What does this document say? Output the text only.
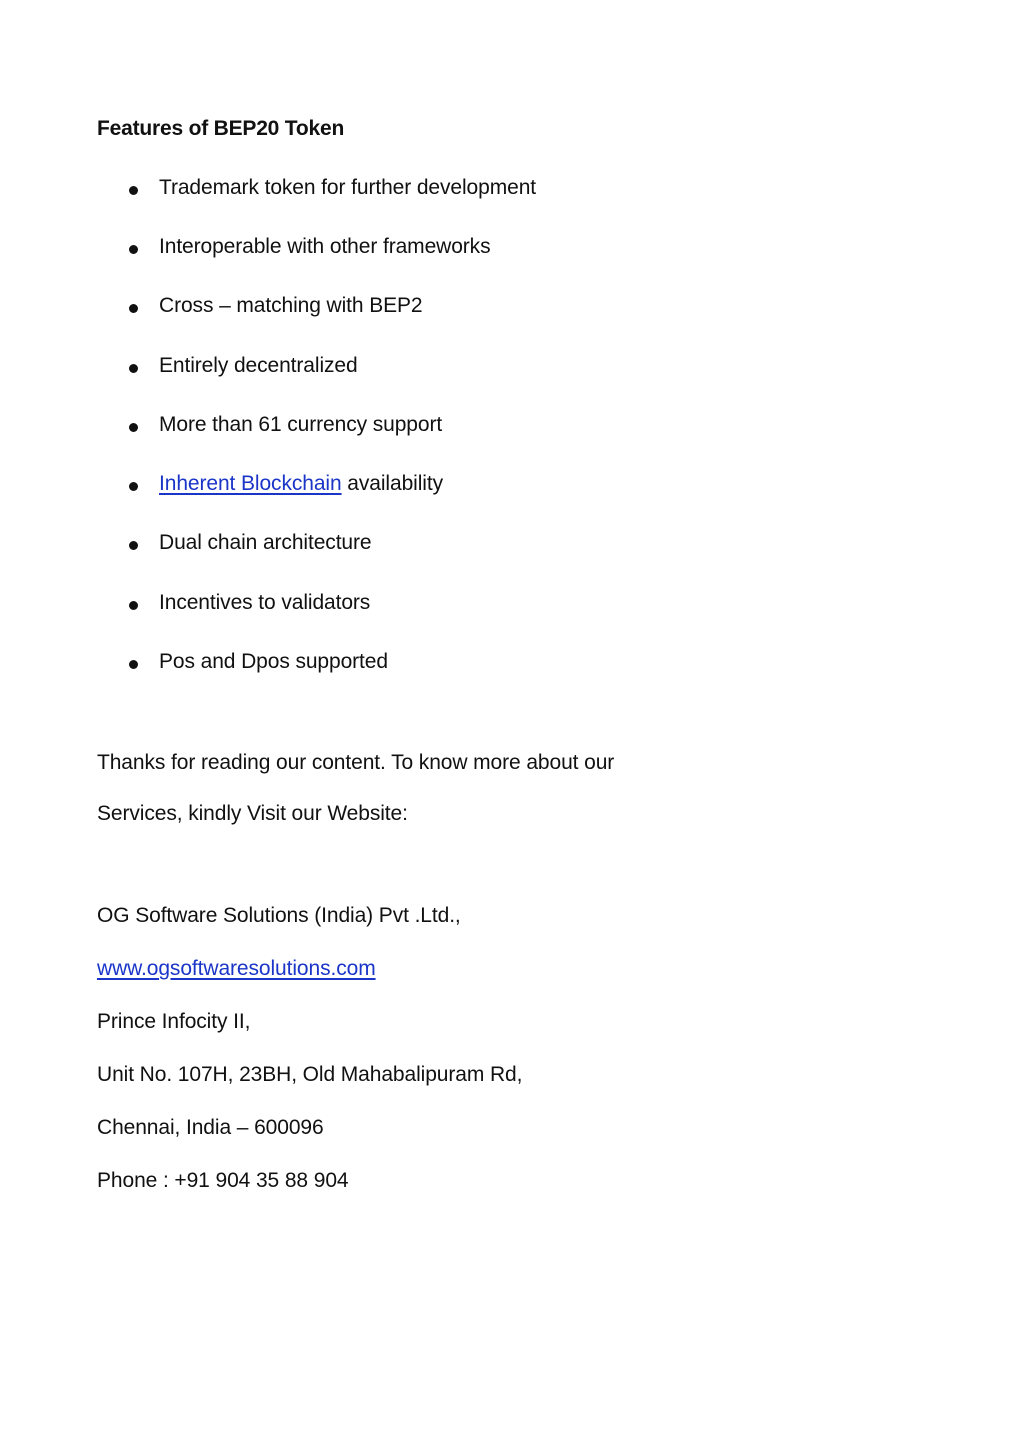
Features of BEP20 Token
Trademark token for further development
Interoperable with other frameworks
Cross – matching with BEP2
Entirely decentralized
More than 61 currency support
Inherent Blockchain availability
Dual chain architecture
Incentives to validators
Pos and Dpos supported
Thanks for reading our content. To know more about our
Services, kindly Visit our Website:
OG Software Solutions (India) Pvt .Ltd.,
www.ogsoftwaresolutions.com
Prince Infocity II,
Unit No. 107H, 23BH, Old Mahabalipuram Rd,
Chennai, India – 600096
Phone : +91 904 35 88 904
